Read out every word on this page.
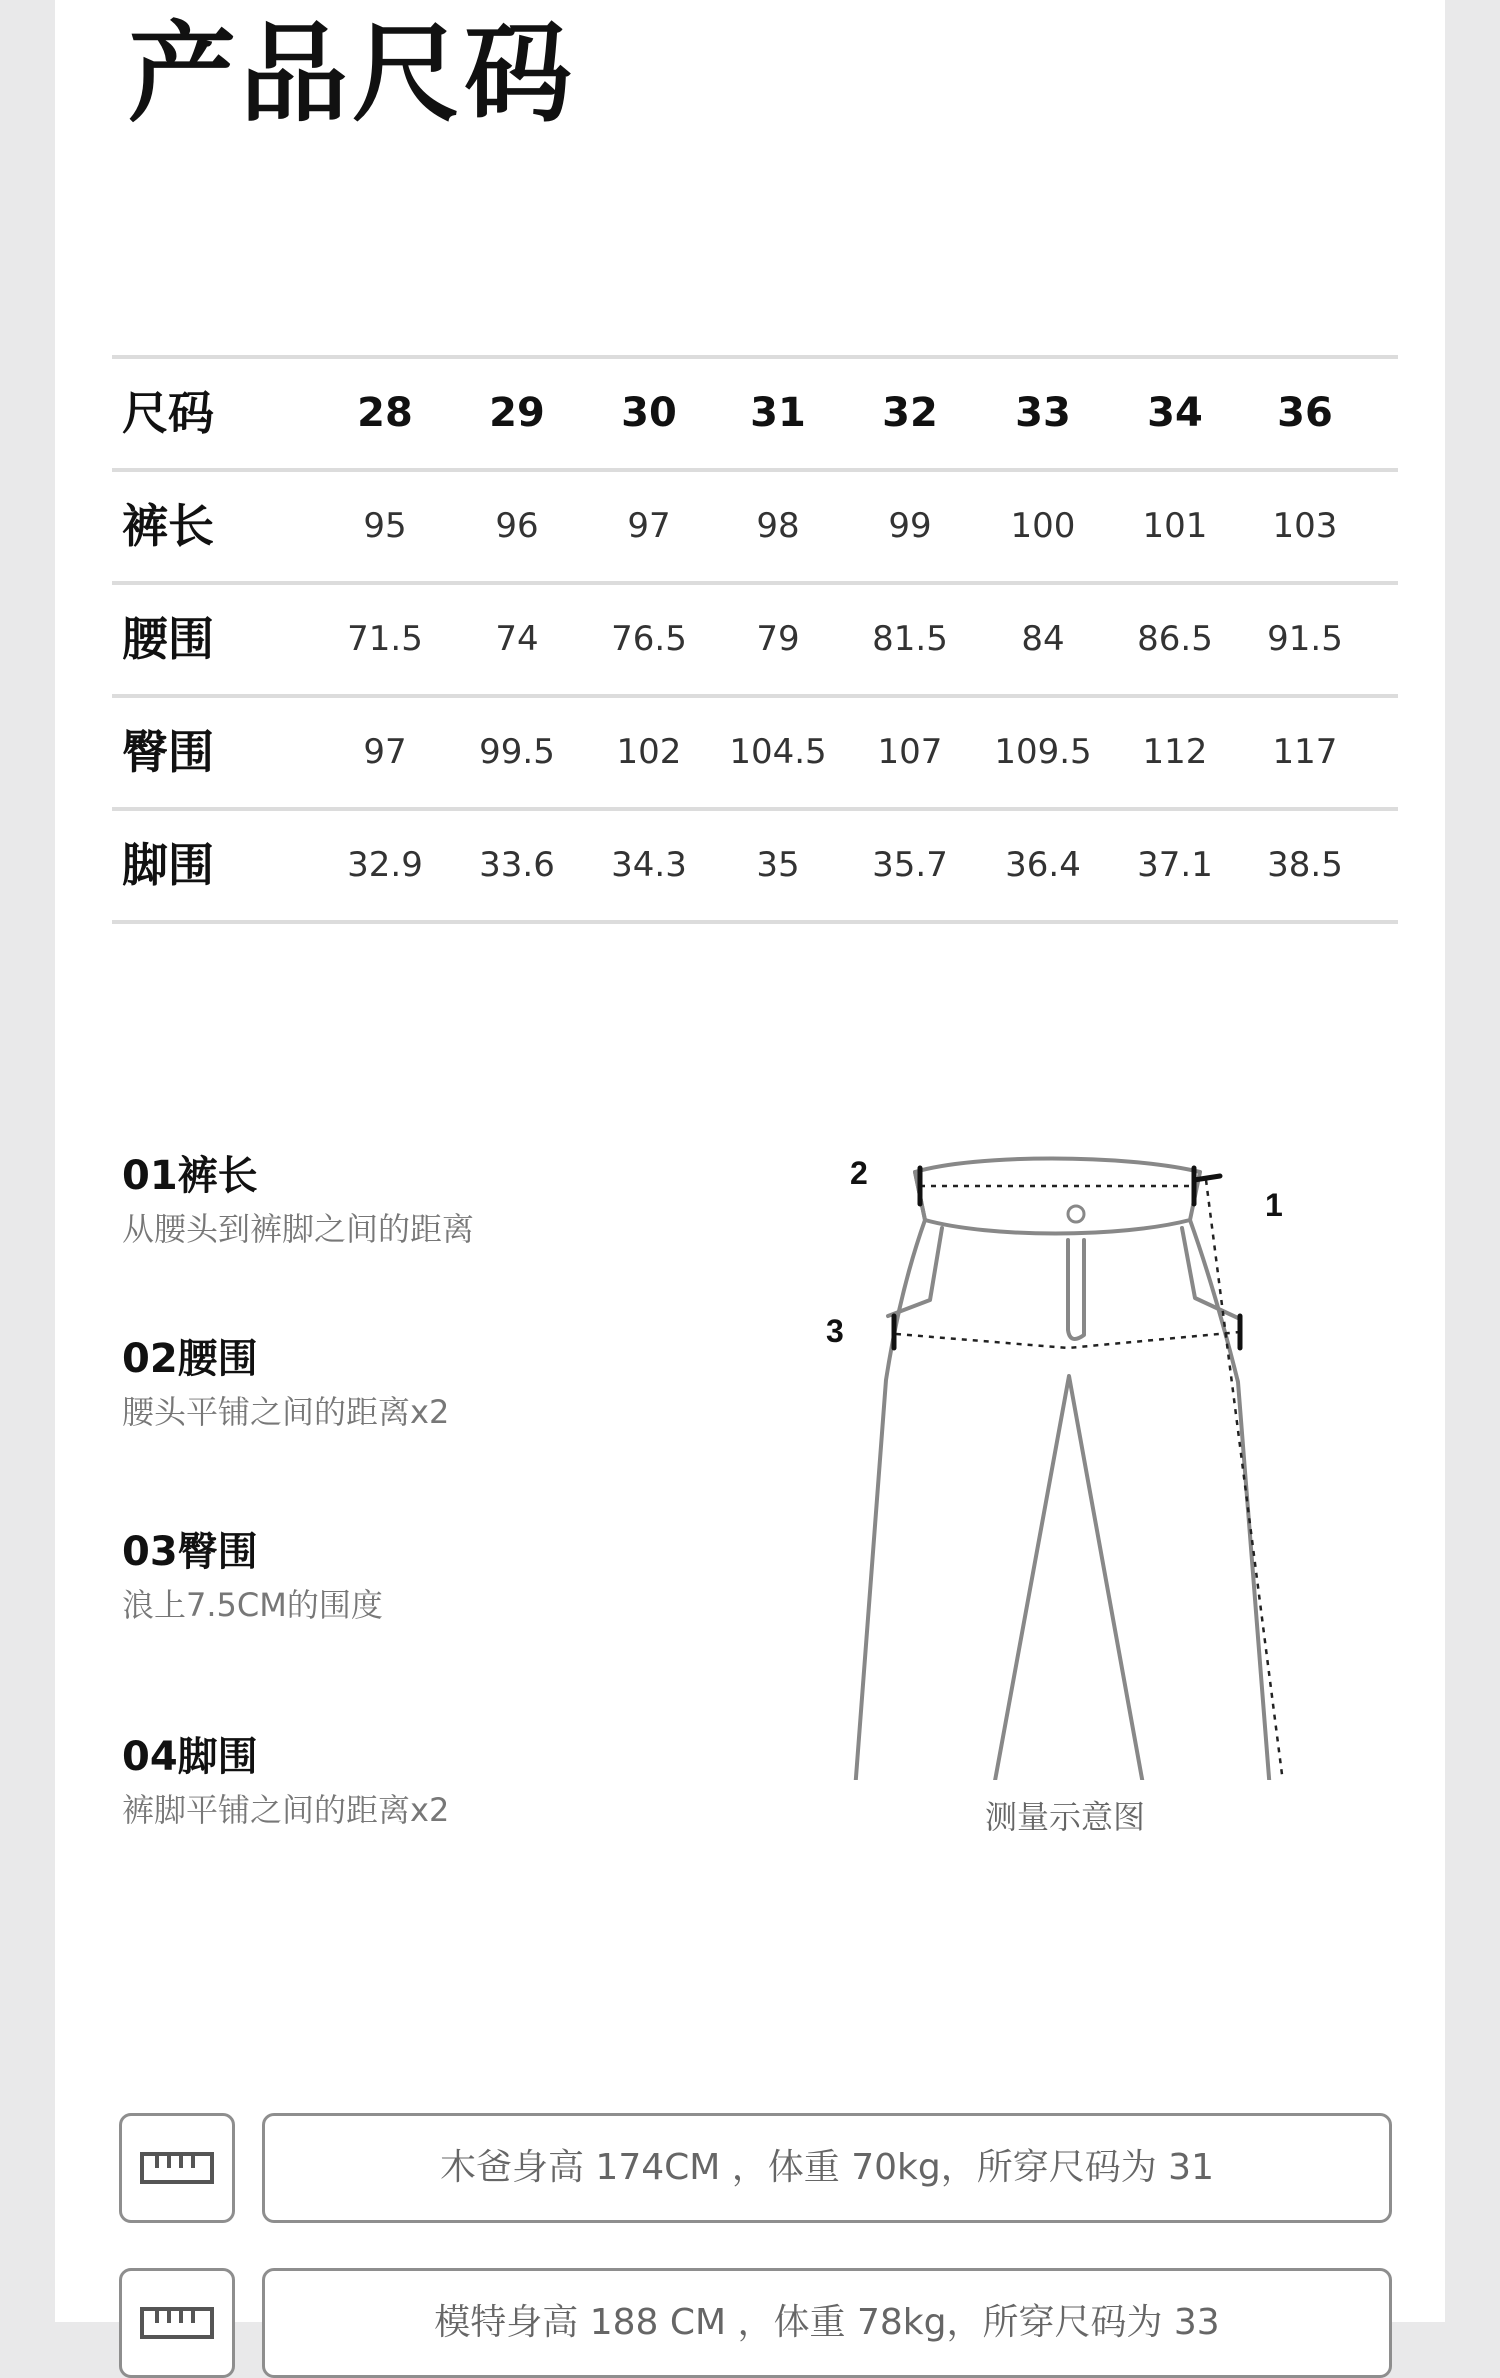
产品尺码
尺码	28	29	30	31	32	33	34	36
裤长	95	96	97	98	99	100	101	103
腰围	71.5	74	76.5	79	81.5	84	86.5	91.5
臀围	97	99.5	102	104.5	107	109.5	112	117
脚围	32.9	33.6	34.3	35	35.7	36.4	37.1	38.5
01裤长
从腰头到裤脚之间的距离
02腰围
腰头平铺之间的距离x2
03臀围
浪上7.5CM的围度
04脚围
裤脚平铺之间的距离x2
2
1
3
测量示意图
木爸身高 174CM ，体重 70kg，所穿尺码为 31
模特身高 188 CM ，体重 78kg，所穿尺码为 33
